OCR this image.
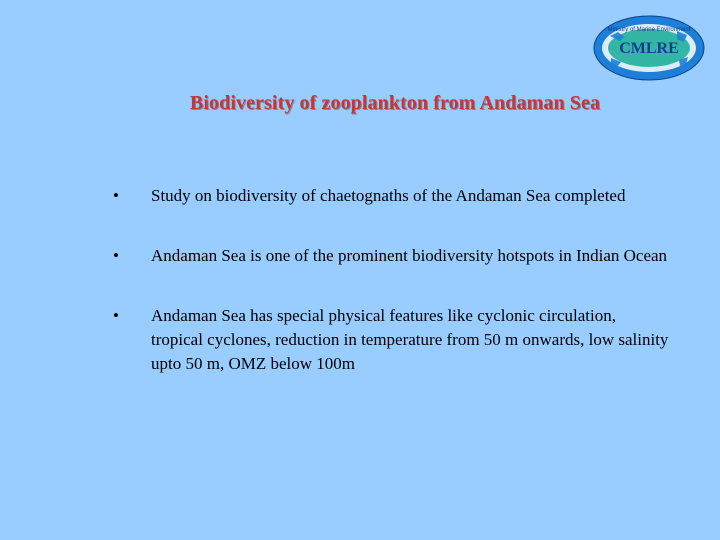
Ministry of Marine Environment
CMLRE
Biodiversity of zooplankton from Andaman Sea
• Study on biodiversity of chaetognaths of the Andaman Sea completed
• Andaman Sea is one of the prominent biodiversity hotspots in Indian Ocean
• Andaman Sea has special physical features like cyclonic circulation, tropical cyclones, reduction in temperature from 50 m onwards, low salinity upto 50 m, OMZ below 100m
